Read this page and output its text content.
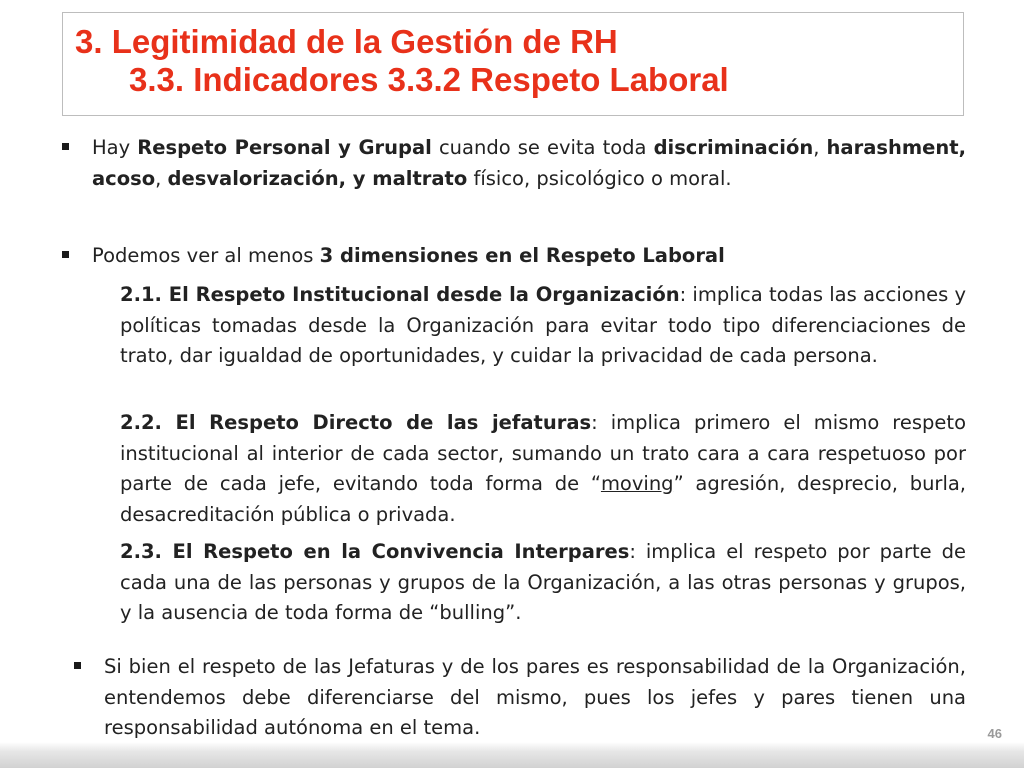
3. Legitimidad de la Gestión de RH
3.3. Indicadores 3.3.2 Respeto Laboral
Hay Respeto Personal y Grupal cuando se evita toda discriminación, harashment, acoso, desvalorización, y maltrato físico, psicológico o moral.
Podemos ver al menos 3 dimensiones en el Respeto Laboral
2.1. El Respeto Institucional desde la Organización: implica todas las acciones y políticas tomadas desde la Organización para evitar todo tipo diferenciaciones de trato, dar igualdad de oportunidades, y cuidar la privacidad de cada persona.
2.2. El Respeto Directo de las jefaturas: implica primero el mismo respeto institucional al interior de cada sector, sumando un trato cara a cara respetuoso por parte de cada jefe, evitando toda forma de “moving” agresión, desprecio, burla, desacreditación pública o privada.
2.3. El Respeto en la Convivencia Interpares: implica el respeto por parte de cada una de las personas y grupos de la Organización, a las otras personas y grupos, y la ausencia de toda forma de “bulling”.
Si bien el respeto de las Jefaturas y de los pares es responsabilidad de la Organización, entendemos debe diferenciarse del mismo, pues los jefes y pares tienen una responsabilidad autónoma en el tema.	46
